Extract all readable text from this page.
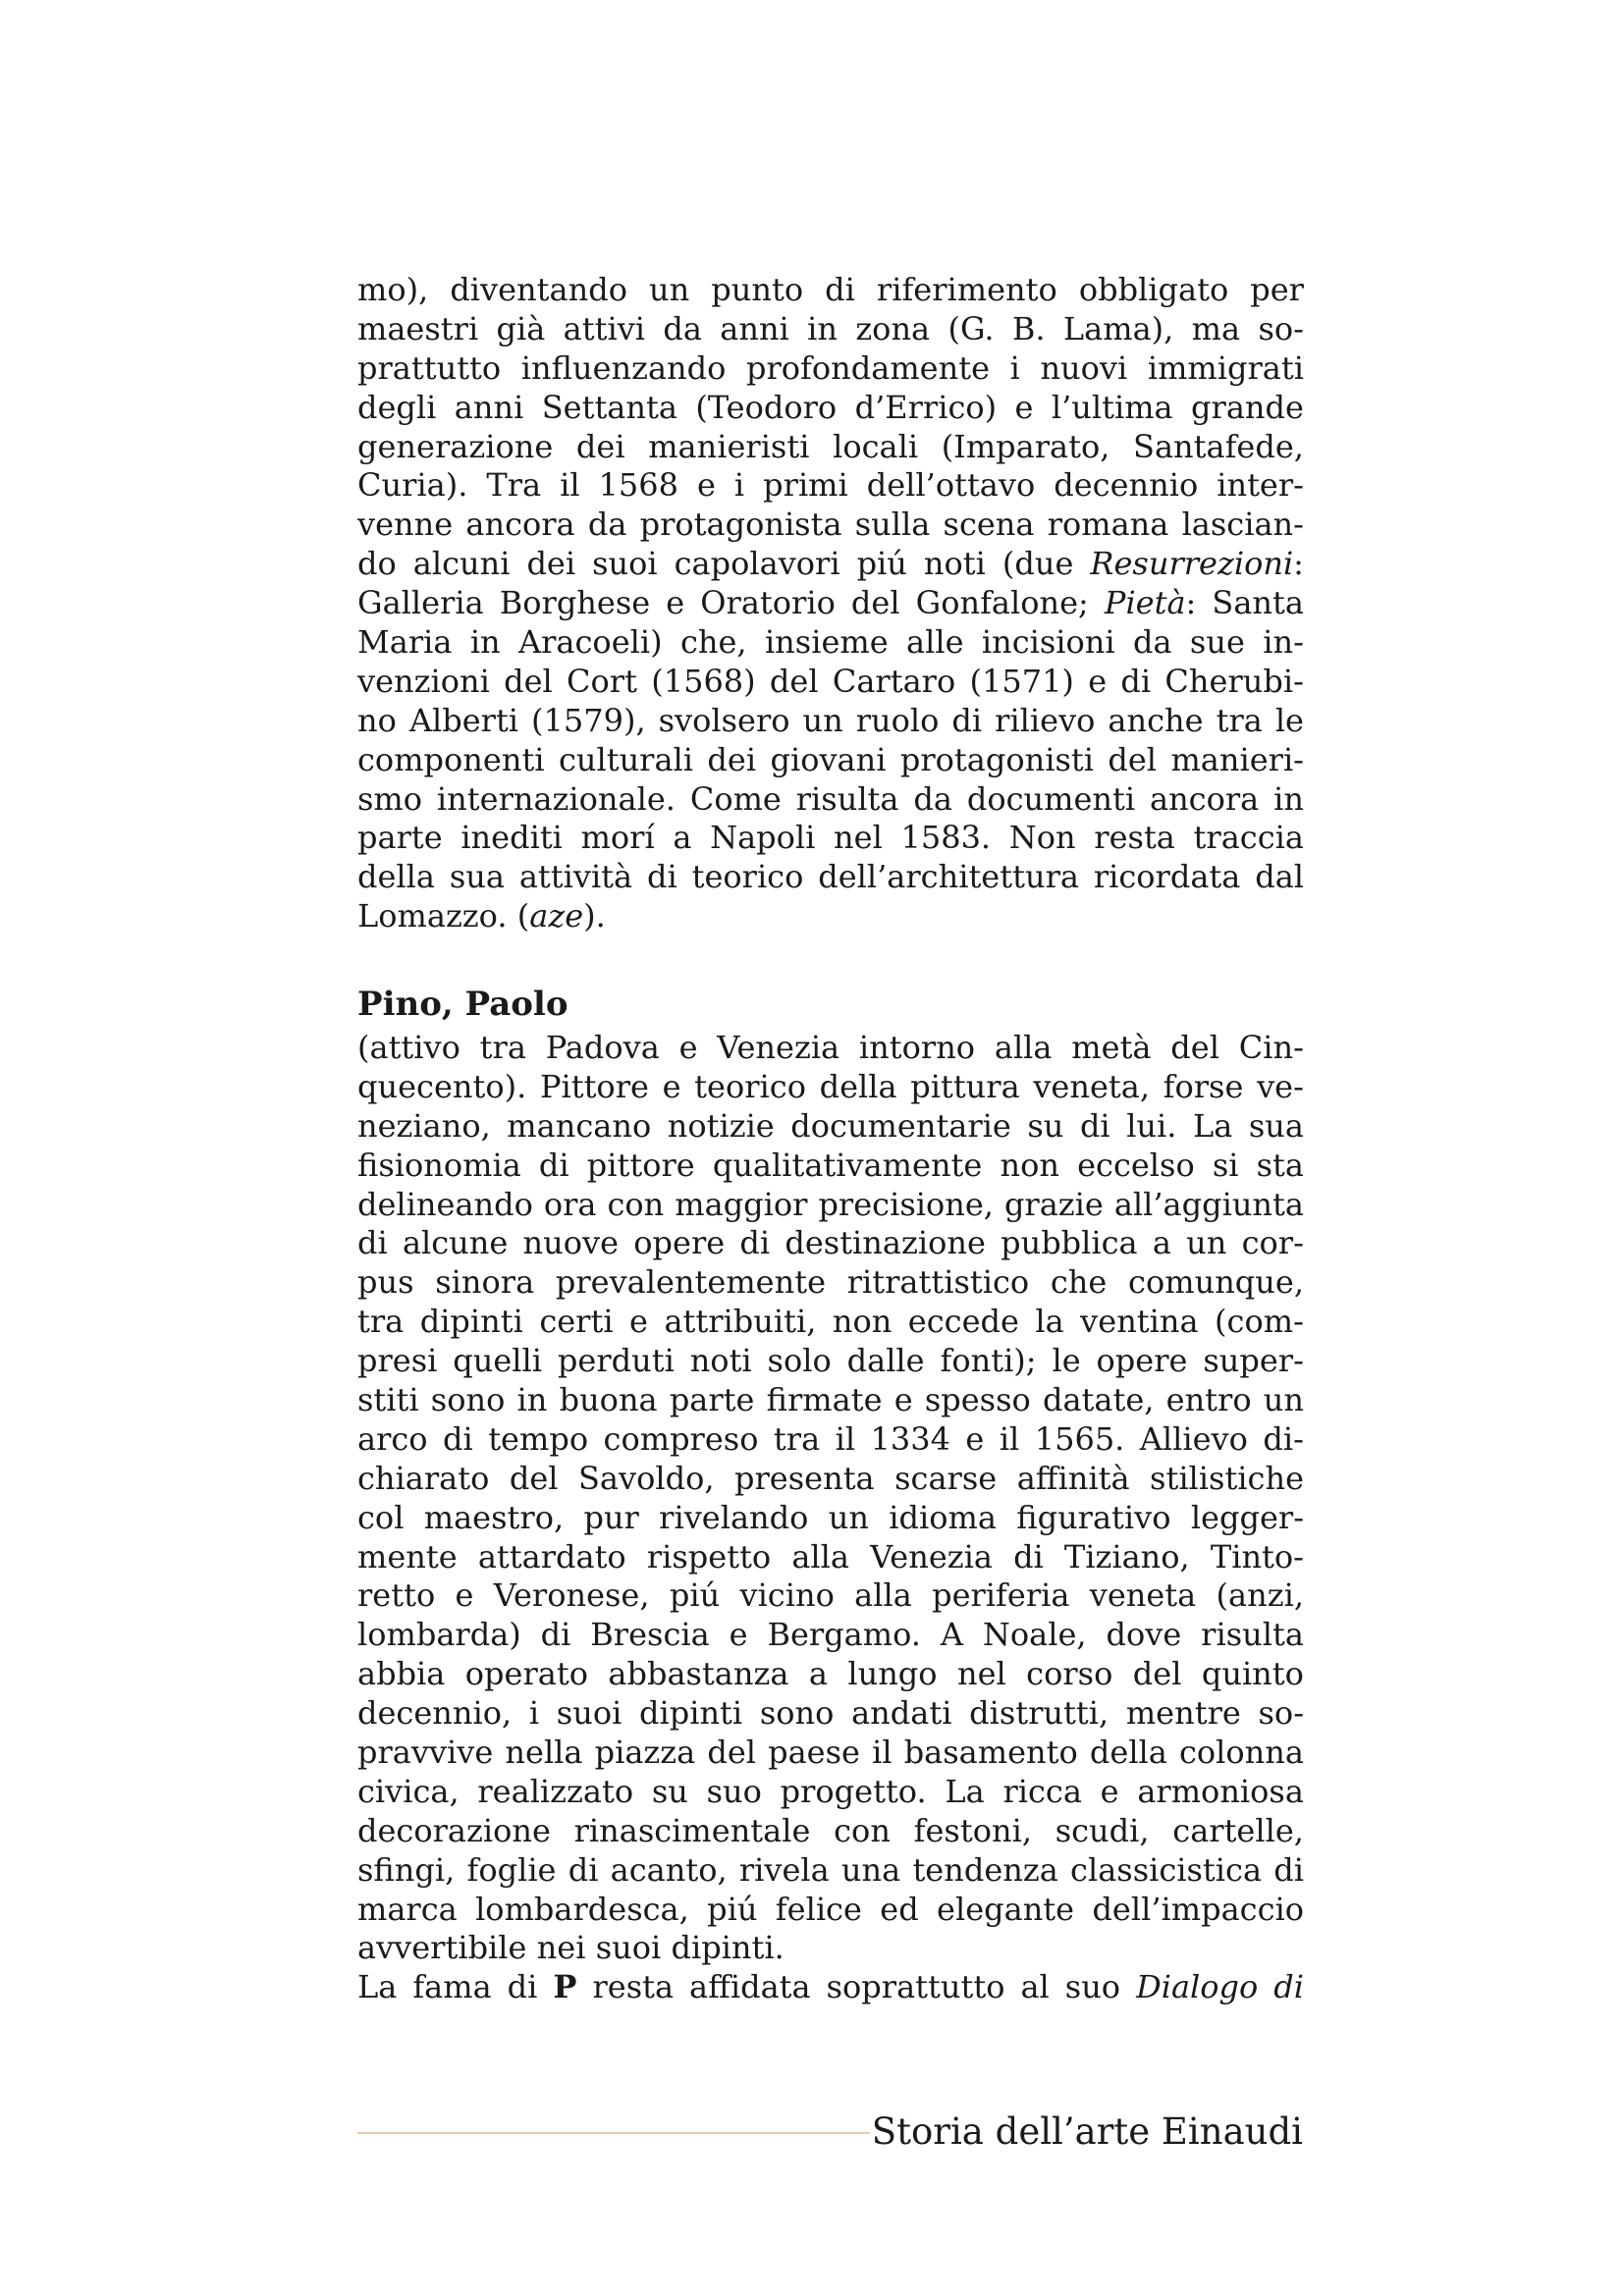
mo), diventando un punto di riferimento obbligato per
maestri già attivi da anni in zona (G. B. Lama), ma so-
prattutto influenzando profondamente i nuovi immigrati
degli anni Settanta (Teodoro d’Errico) e l’ultima grande
generazione dei manieristi locali (Imparato, Santafede,
Curia). Tra il 1568 e i primi dell’ottavo decennio inter-
venne ancora da protagonista sulla scena romana lascian-
do alcuni dei suoi capolavori piú noti (due Resurrezioni:
Galleria Borghese e Oratorio del Gonfalone; Pietà: Santa
Maria in Aracoeli) che, insieme alle incisioni da sue in-
venzioni del Cort (1568) del Cartaro (1571) e di Cherubi-
no Alberti (1579), svolsero un ruolo di rilievo anche tra le
componenti culturali dei giovani protagonisti del manieri-
smo internazionale. Come risulta da documenti ancora in
parte inediti morí a Napoli nel 1583. Non resta traccia
della sua attività di teorico dell’architettura ricordata dal
Lomazzo. (aze).
Pino, Paolo
(attivo tra Padova e Venezia intorno alla metà del Cin-
quecento). Pittore e teorico della pittura veneta, forse ve-
neziano, mancano notizie documentarie su di lui. La sua
fisionomia di pittore qualitativamente non eccelso si sta
delineando ora con maggior precisione, grazie all’aggiunta
di alcune nuove opere di destinazione pubblica a un cor-
pus sinora prevalentemente ritrattistico che comunque,
tra dipinti certi e attribuiti, non eccede la ventina (com-
presi quelli perduti noti solo dalle fonti); le opere super-
stiti sono in buona parte firmate e spesso datate, entro un
arco di tempo compreso tra il 1334 e il 1565. Allievo di-
chiarato del Savoldo, presenta scarse affinità stilistiche
col maestro, pur rivelando un idioma figurativo legger-
mente attardato rispetto alla Venezia di Tiziano, Tinto-
retto e Veronese, piú vicino alla periferia veneta (anzi,
lombarda) di Brescia e Bergamo. A Noale, dove risulta
abbia operato abbastanza a lungo nel corso del quinto
decennio, i suoi dipinti sono andati distrutti, mentre so-
pravvive nella piazza del paese il basamento della colonna
civica, realizzato su suo progetto. La ricca e armoniosa
decorazione rinascimentale con festoni, scudi, cartelle,
sfingi, foglie di acanto, rivela una tendenza classicistica di
marca lombardesca, piú felice ed elegante dell’impaccio
avvertibile nei suoi dipinti.
La fama di P resta affidata soprattutto al suo Dialogo di
Storia dell’arte Einaudi
